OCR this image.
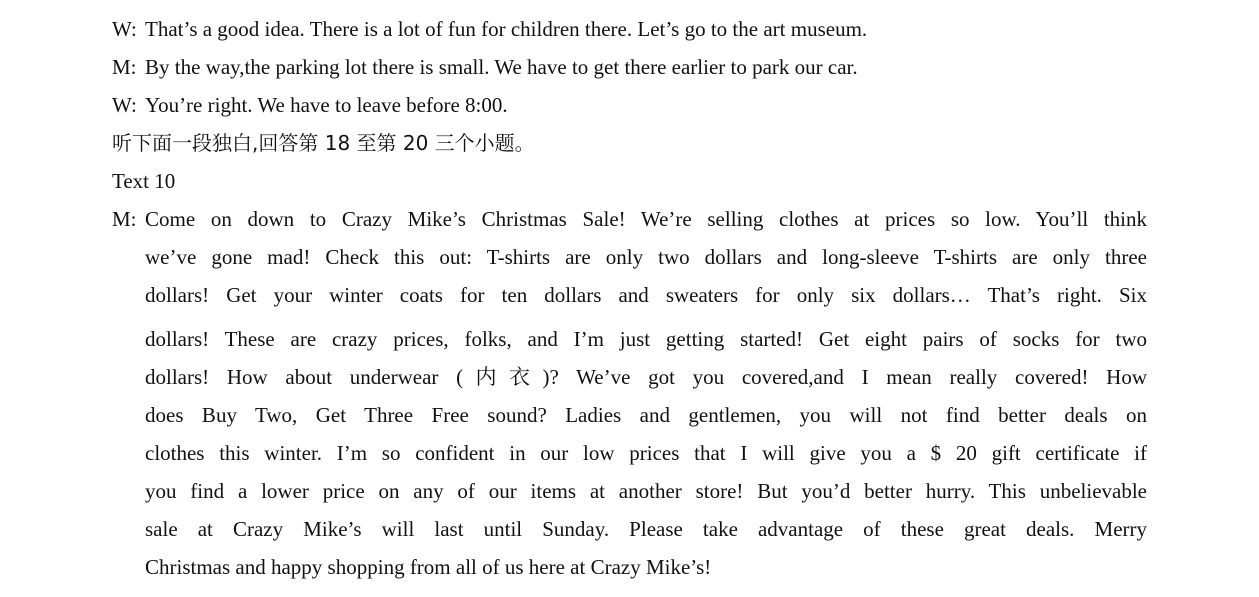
W: That’s a good idea. There is a lot of fun for children there. Let’s go to the art museum.
M: By the way,the parking lot there is small. We have to get there earlier to park our car.
W: You’re right. We have to leave before 8:00.
听下面一段独白,回答第 18 至第 20 三个小题。
Text 10
M: Come on down to Crazy Mike’s Christmas Sale! We’re selling clothes at prices so low. You’ll think
we’ve gone mad! Check this out: T-shirts are only two dollars and long-sleeve T-shirts are only three
dollars! Get your winter coats for ten dollars and sweaters for only six dollars… That’s right. Six
dollars! These are crazy prices, folks, and I’m just getting started! Get eight pairs of socks for two
dollars! How about underwear (内衣)? We’ve got you covered,and I mean really covered! How
does Buy Two, Get Three Free sound? Ladies and gentlemen, you will not find better deals on
clothes this winter. I’m so confident in our low prices that I will give you a $ 20 gift certificate if
you find a lower price on any of our items at another store! But you’d better hurry. This unbelievable
sale at Crazy Mike’s will last until Sunday. Please take advantage of these great deals. Merry
Christmas and happy shopping from all of us here at Crazy Mike’s!
